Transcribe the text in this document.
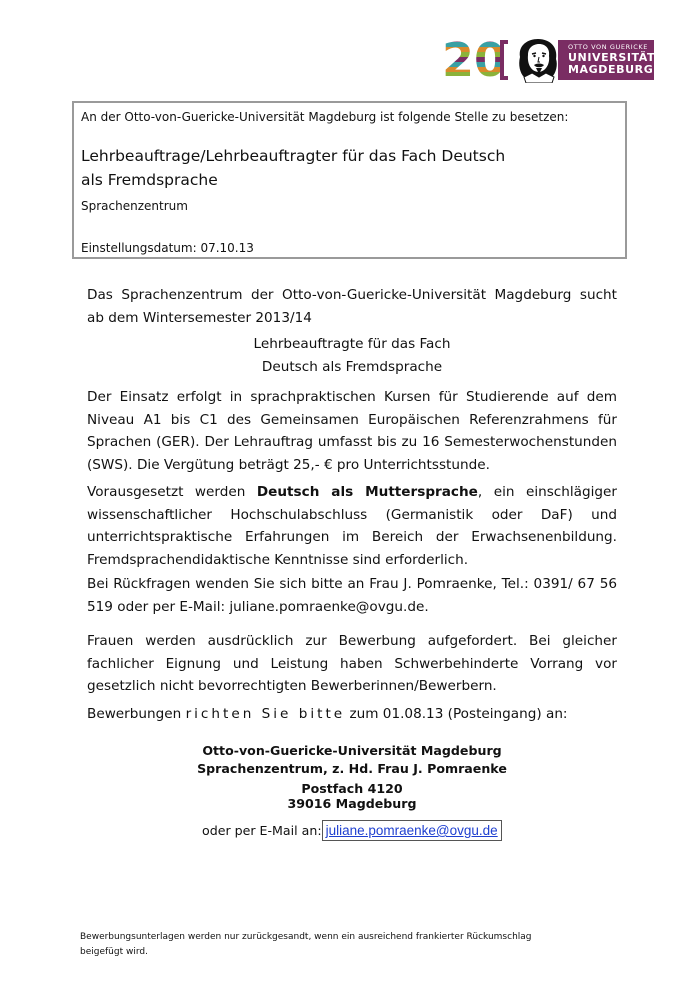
2 0	OTTO VON GUERICKE
UNIVERSITÄT
MAGDEBURG
An der Otto-von-Guericke-Universität Magdeburg ist folgende Stelle zu besetzen:
Lehrbeauftrage/Lehrbeauftragter für das Fach Deutsch
als Fremdsprache
Sprachenzentrum
Einstellungsdatum: 07.10.13
Das Sprachenzentrum der Otto-von-Guericke-Universität Magdeburg sucht ab dem Wintersemester 2013/14
Lehrbeauftragte für das Fach
Deutsch als Fremdsprache
Der Einsatz erfolgt in sprachpraktischen Kursen für Studierende auf dem Niveau A1 bis C1 des Gemeinsamen Europäischen Referenzrahmens für Sprachen (GER). Der Lehrauftrag umfasst bis zu 16 Semesterwochenstunden (SWS). Die Vergütung beträgt 25,- € pro Unterrichtsstunde.
Vorausgesetzt werden Deutsch als Muttersprache, ein einschlägiger wissenschaftlicher Hochschulabschluss (Germanistik oder DaF) und unterrichtspraktische Erfahrungen im Bereich der Erwachsenenbildung. Fremdsprachendidaktische Kenntnisse sind erforderlich.
Bei Rückfragen wenden Sie sich bitte an Frau J. Pomraenke, Tel.: 0391/ 67 56 519 oder per E-Mail: juliane.pomraenke@ovgu.de.
Frauen werden ausdrücklich zur Bewerbung aufgefordert. Bei gleicher fachlicher Eignung und Leistung haben Schwerbehinderte Vorrang vor gesetzlich nicht bevorrechtigten Bewerberinnen/Bewerbern.
Bewerbungen richten Sie bitte zum 01.08.13 (Posteingang) an:
Otto-von-Guericke-Universität Magdeburg
Sprachenzentrum, z. Hd. Frau J. Pomraenke
Postfach 4120
39016 Magdeburg
oder per E-Mail an: juliane.pomraenke@ovgu.de
Bewerbungsunterlagen werden nur zurückgesandt, wenn ein ausreichend frankierter Rückumschlag beigefügt wird.
